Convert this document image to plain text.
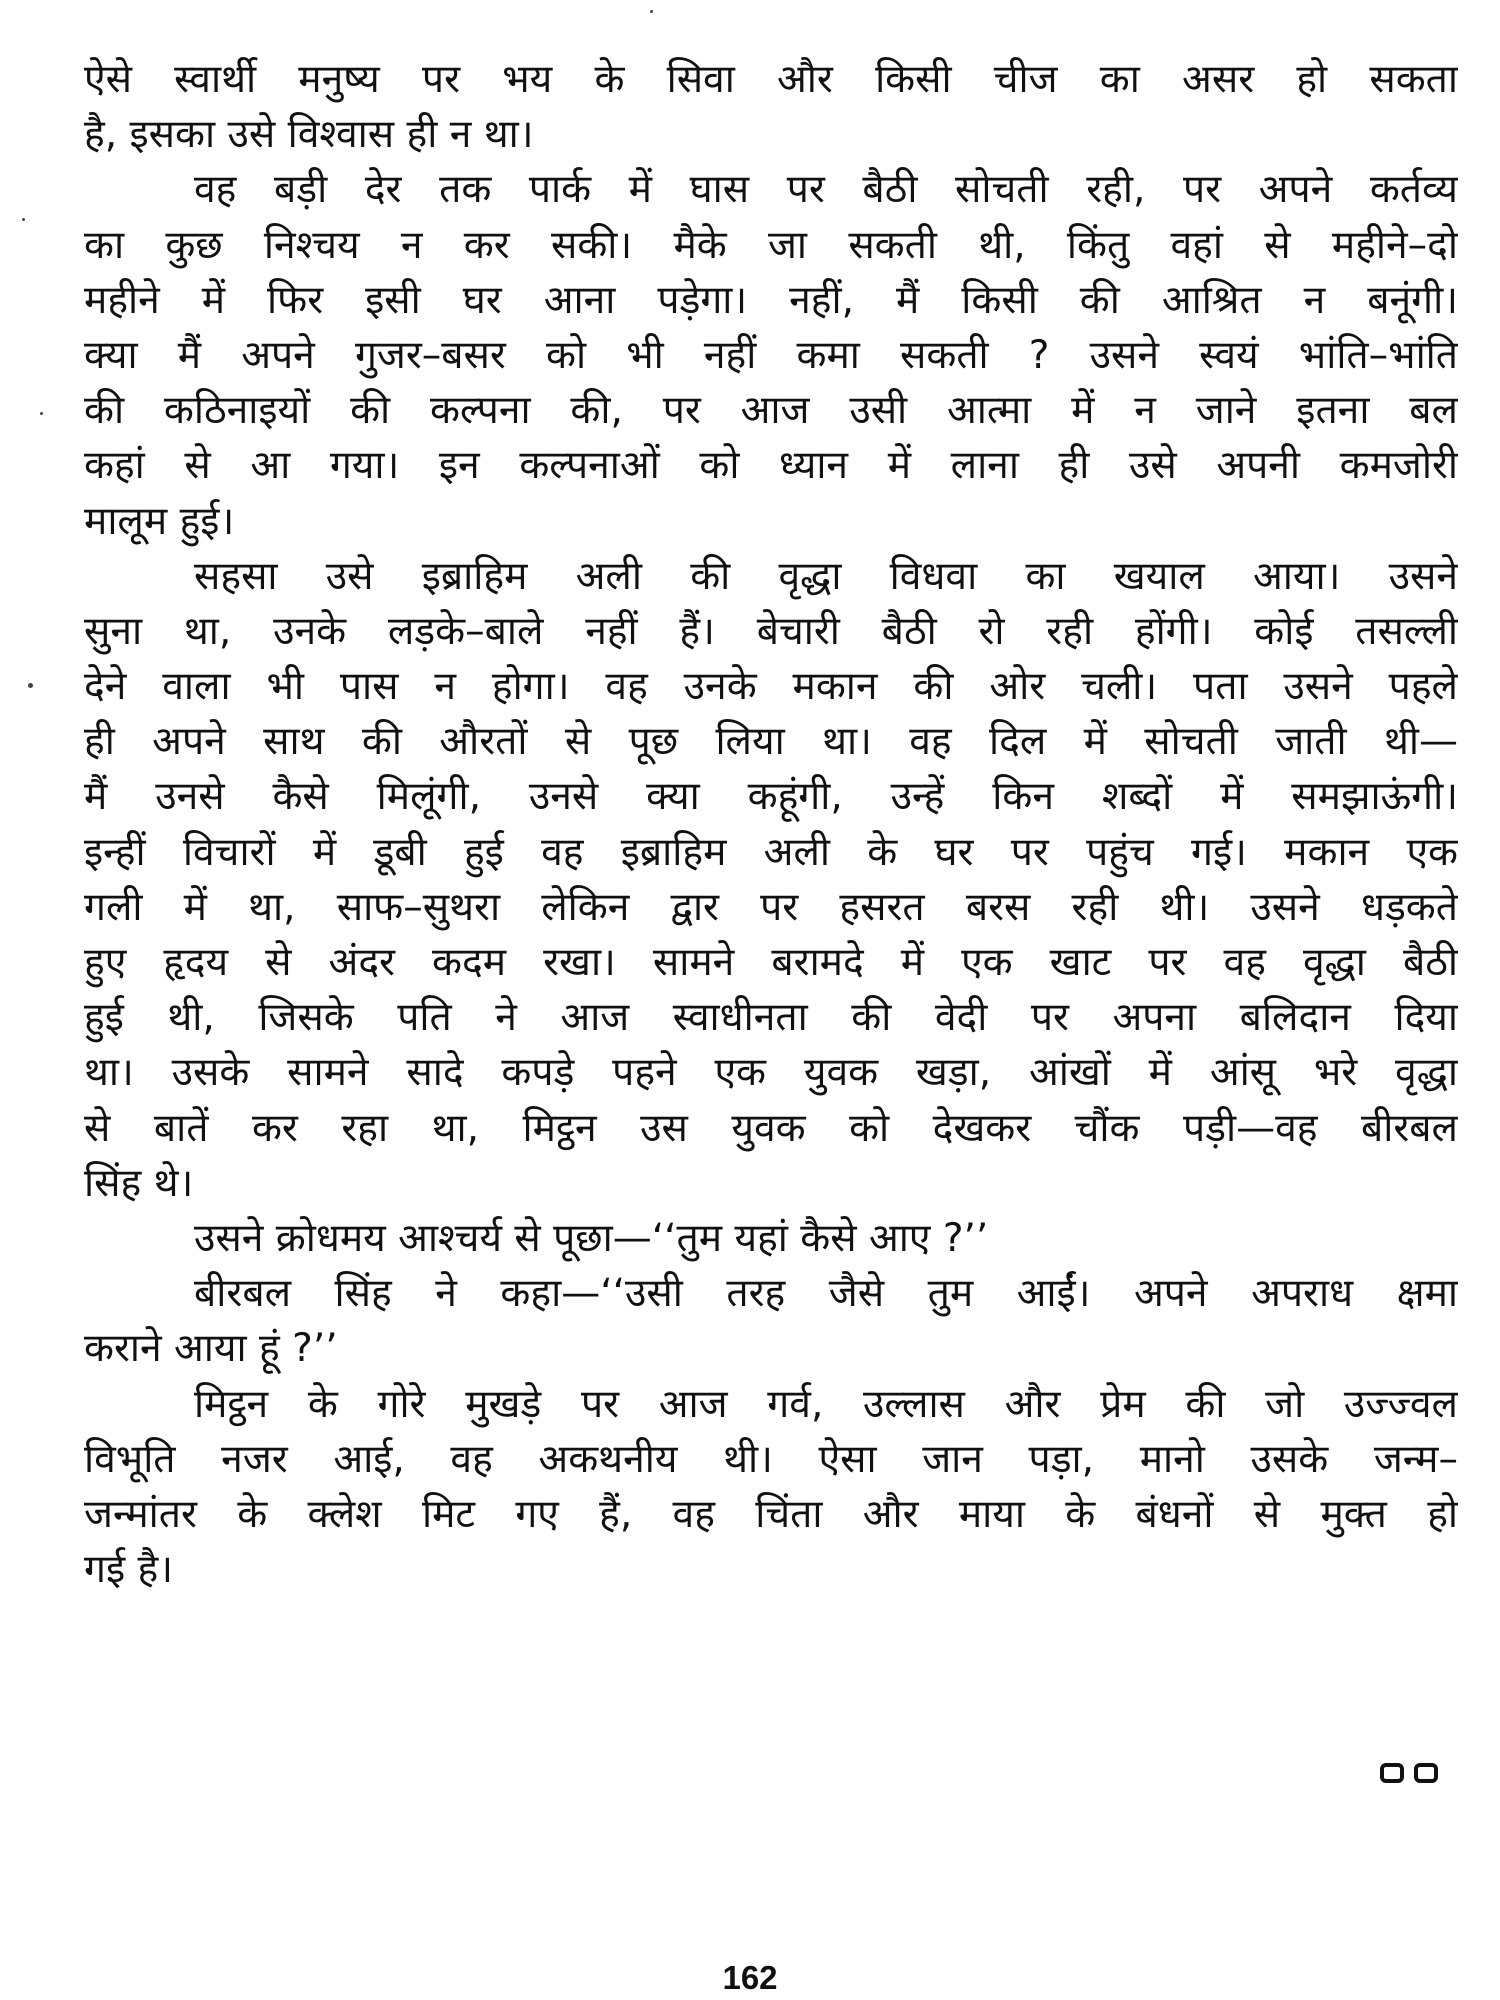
ऐसे स्वार्थी मनुष्य पर भय के सिवा और किसी चीज का असर हो सकता
है, इसका उसे विश्वास ही न था।
वह बड़ी देर तक पार्क में घास पर बैठी सोचती रही, पर अपने कर्तव्य
का कुछ निश्चय न कर सकी। मैके जा सकती थी, किंतु वहां से महीने–दो
महीने में फिर इसी घर आना पड़ेगा। नहीं, मैं किसी की आश्रित न बनूंगी।
क्या मैं अपने गुजर–बसर को भी नहीं कमा सकती ? उसने स्वयं भांति–भांति
की कठिनाइयों की कल्पना की, पर आज उसी आत्मा में न जाने इतना बल
कहां से आ गया। इन कल्पनाओं को ध्यान में लाना ही उसे अपनी कमजोरी
मालूम हुई।
सहसा उसे इब्राहिम अली की वृद्धा विधवा का खयाल आया। उसने
सुना था, उनके लड़के–बाले नहीं हैं। बेचारी बैठी रो रही होंगी। कोई तसल्ली
देने वाला भी पास न होगा। वह उनके मकान की ओर चली। पता उसने पहले
ही अपने साथ की औरतों से पूछ लिया था। वह दिल में सोचती जाती थी—
मैं उनसे कैसे मिलूंगी, उनसे क्या कहूंगी, उन्हें किन शब्दों में समझाऊंगी।
इन्हीं विचारों में डूबी हुई वह इब्राहिम अली के घर पर पहुंच गई। मकान एक
गली में था, साफ–सुथरा लेकिन द्वार पर हसरत बरस रही थी। उसने धड़कते
हुए हृदय से अंदर कदम रखा। सामने बरामदे में एक खाट पर वह वृद्धा बैठी
हुई थी, जिसके पति ने आज स्वाधीनता की वेदी पर अपना बलिदान दिया
था। उसके सामने सादे कपड़े पहने एक युवक खड़ा, आंखों में आंसू भरे वृद्धा
से बातें कर रहा था, मिट्ठन उस युवक को देखकर चौंक पड़ी—वह बीरबल
सिंह थे।
उसने क्रोधमय आश्चर्य से पूछा—‘‘तुम यहां कैसे आए ?’’
बीरबल सिंह ने कहा—‘‘उसी तरह जैसे तुम आईं। अपने अपराध क्षमा
कराने आया हूं ?’’
मिट्ठन के गोरे मुखड़े पर आज गर्व, उल्लास और प्रेम की जो उज्ज्वल
विभूति नजर आई, वह अकथनीय थी। ऐसा जान पड़ा, मानो उसके जन्म–
जन्मांतर के क्लेश मिट गए हैं, वह चिंता और माया के बंधनों से मुक्त हो
गई है।
162
